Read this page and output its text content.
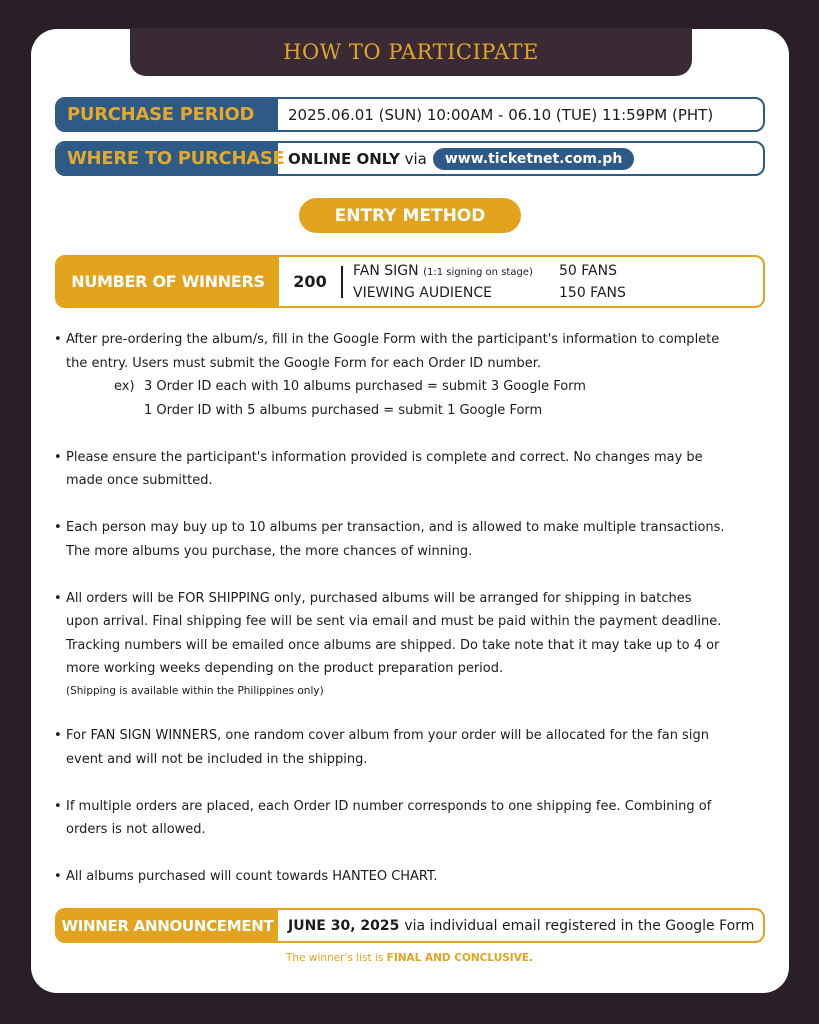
HOW TO PARTICIPATE
PURCHASE PERIOD	2025.06.01 (SUN) 10:00AM - 06.10 (TUE) 11:59PM (PHT)
WHERE TO PURCHASE ONLINE ONLY via	www.ticketnet.com.ph
ENTRY METHOD
NUMBER OF WINNERS	200
FAN SIGN (1:1 signing on stage)	50 FANS
VIEWING AUDIENCE	150 FANS
• After pre-ordering the album/s, fill in the Google Form with the participant's information to complete
the entry. Users must submit the Google Form for each Order ID number.
ex) 3 Order ID each with 10 albums purchased = submit 3 Google Form
1 Order ID with 5 albums purchased = submit 1 Google Form
• Please ensure the participant's information provided is complete and correct. No changes may be
made once submitted.
• Each person may buy up to 10 albums per transaction, and is allowed to make multiple transactions.
The more albums you purchase, the more chances of winning.
• All orders will be FOR SHIPPING only, purchased albums will be arranged for shipping in batches
upon arrival. Final shipping fee will be sent via email and must be paid within the payment deadline.
Tracking numbers will be emailed once albums are shipped. Do take note that it may take up to 4 or
more working weeks depending on the product preparation period.
(Shipping is available within the Philippines only)
• For FAN SIGN WINNERS, one random cover album from your order will be allocated for the fan sign
event and will not be included in the shipping.
• If multiple orders are placed, each Order ID number corresponds to one shipping fee. Combining of
orders is not allowed.
• All albums purchased will count towards HANTEO CHART.
WINNER ANNOUNCEMENT	JUNE 30, 2025 via individual email registered in the Google Form
The winner's list is FINAL AND CONCLUSIVE.
